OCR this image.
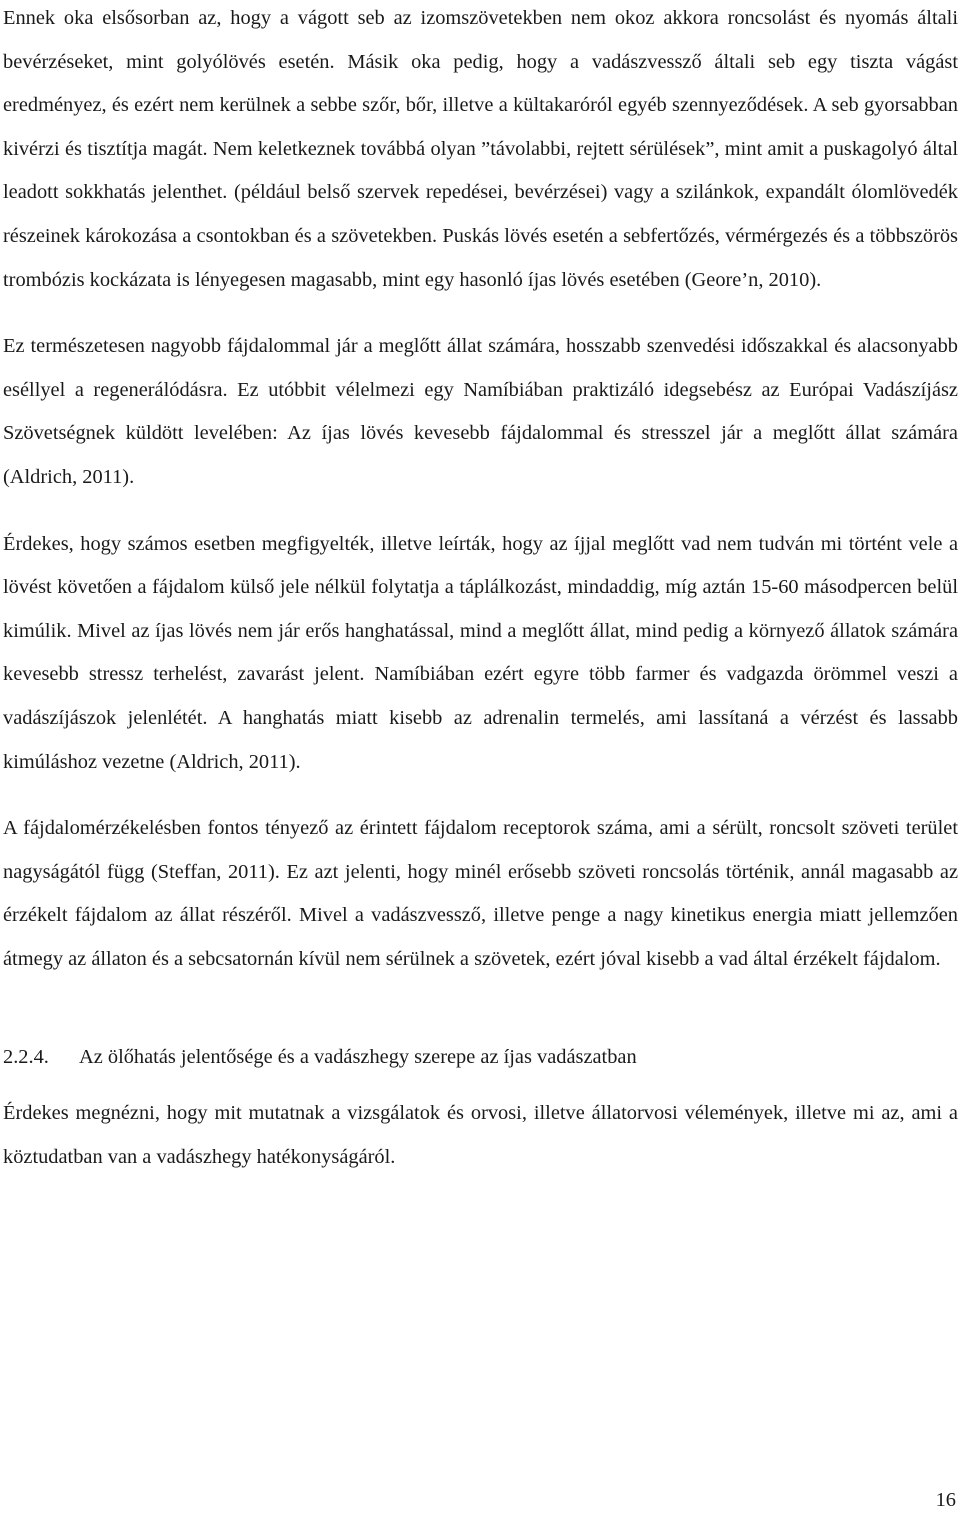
Ennek oka elsősorban az, hogy a vágott seb az izomszövetekben nem okoz akkora roncsolást és nyomás általi bevérzéseket, mint golyólövés esetén. Másik oka pedig, hogy a vadászvessző általi seb egy tiszta vágást eredményez, és ezért nem kerülnek a sebbe szőr, bőr, illetve a kültakaróról egyéb szennyeződések. A seb gyorsabban kivérzi és tisztítja magát. Nem keletkeznek továbbá olyan ”távolabbi, rejtett sérülések”, mint amit a puskagolyó által leadott sokkhatás jelenthet. (például belső szervek repedései, bevérzései) vagy a szilánkok, expandált ólomlövedék részeinek károkozása a csontokban és a szövetekben. Puskás lövés esetén a sebfertőzés, vérmérgezés és a többszörös trombózis kockázata is lényegesen magasabb, mint egy hasonló íjas lövés esetében (Geore’n, 2010).

Ez természetesen nagyobb fájdalommal jár a meglőtt állat számára, hosszabb szenvedési időszakkal és alacsonyabb eséllyel a regenerálódásra. Ez utóbbit vélelmezi egy Namíbiában praktizáló idegsebész az Európai Vadászíjász Szövetségnek küldött levelében: Az íjas lövés kevesebb fájdalommal és stresszel jár a meglőtt állat számára (Aldrich, 2011).

Érdekes, hogy számos esetben megfigyelték, illetve leírták, hogy az íjjal meglőtt vad nem tudván mi történt vele a lövést követően a fájdalom külső jele nélkül folytatja a táplálkozást, mindaddig, míg aztán 15-60 másodpercen belül kimúlik. Mivel az íjas lövés nem jár erős hanghatással, mind a meglőtt állat, mind pedig a környező állatok számára kevesebb stressz terhelést, zavarást jelent. Namíbiában ezért egyre több farmer és vadgazda örömmel veszi a vadászíjászok jelenlétét. A hanghatás miatt kisebb az adrenalin termelés, ami lassítaná a vérzést és lassabb kimúláshoz vezetne (Aldrich, 2011).

A fájdalomérzékelésben fontos tényező az érintett fájdalom receptorok száma, ami a sérült, roncsolt szöveti terület nagyságától függ (Steffan, 2011). Ez azt jelenti, hogy minél erősebb szöveti roncsolás történik, annál magasabb az érzékelt fájdalom az állat részéről. Mivel a vadászvessző, illetve penge a nagy kinetikus energia miatt jellemzően átmegy az állaton és a sebcsatornán kívül nem sérülnek a szövetek, ezért jóval kisebb a vad által érzékelt fájdalom.

2.2.4. Az ölőhatás jelentősége és a vadászhegy szerepe az íjas vadászatban

Érdekes megnézni, hogy mit mutatnak a vizsgálatok és orvosi, illetve állatorvosi vélemények, illetve mi az, ami a köztudatban van a vadászhegy hatékonyságáról.

16
